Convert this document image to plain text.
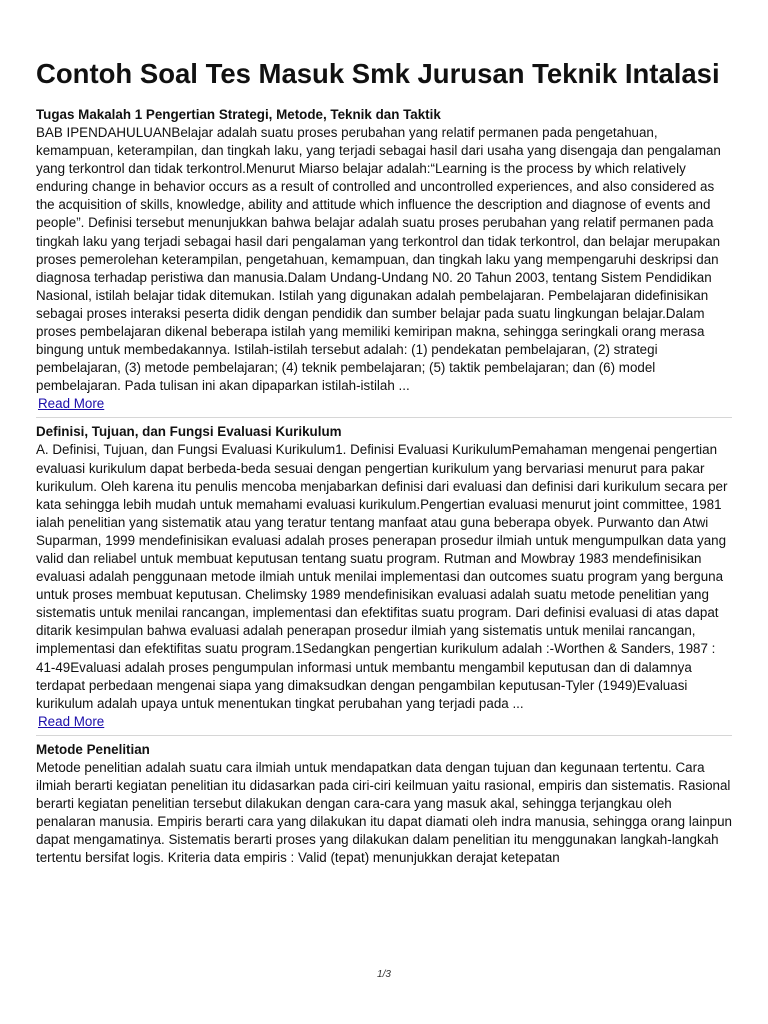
Contoh Soal Tes Masuk Smk Jurusan Teknik Intalasi
Tugas Makalah 1 Pengertian Strategi, Metode, Teknik dan Taktik

BAB IPENDAHULUANBelajar adalah suatu proses perubahan yang relatif permanen pada pengetahuan, kemampuan, keterampilan, dan tingkah laku, yang terjadi sebagai hasil dari usaha yang disengaja dan pengalaman yang terkontrol dan tidak terkontrol.Menurut Miarso belajar adalah:“Learning is the process by which relatively enduring change in behavior occurs as a result of controlled and uncontrolled experiences, and also considered as the acquisition of skills, knowledge, ability and attitude which influence the description and diagnose of events and people”. Definisi tersebut menunjukkan bahwa belajar adalah suatu proses perubahan yang relatif permanen pada tingkah laku yang terjadi sebagai hasil dari pengalaman yang terkontrol dan tidak terkontrol, dan belajar merupakan proses pemerolehan keterampilan, pengetahuan, kemampuan, dan tingkah laku yang mempengaruhi deskripsi dan diagnosa terhadap peristiwa dan manusia.Dalam Undang-Undang N0. 20 Tahun 2003, tentang Sistem Pendidikan Nasional, istilah belajar tidak ditemukan. Istilah yang digunakan adalah pembelajaran. Pembelajaran didefinisikan sebagai proses interaksi peserta didik dengan pendidik dan sumber belajar pada suatu lingkungan belajar.Dalam proses pembelajaran dikenal beberapa istilah yang memiliki kemiripan makna, sehingga seringkali orang merasa bingung untuk membedakannya. Istilah-istilah tersebut adalah: (1) pendekatan pembelajaran, (2) strategi pembelajaran, (3) metode pembelajaran; (4) teknik pembelajaran; (5) taktik pembelajaran; dan (6) model pembelajaran. Pada tulisan ini akan dipaparkan istilah-istilah ...

Read More
Definisi, Tujuan, dan Fungsi Evaluasi Kurikulum

A. Definisi, Tujuan, dan Fungsi Evaluasi Kurikulum1. Definisi Evaluasi KurikulumPemahaman mengenai pengertian evaluasi kurikulum dapat berbeda-beda sesuai dengan pengertian kurikulum yang bervariasi menurut para pakar kurikulum. Oleh karena itu penulis mencoba menjabarkan definisi dari evaluasi dan definisi dari kurikulum secara per kata sehingga lebih mudah untuk memahami evaluasi kurikulum.Pengertian evaluasi menurut joint committee, 1981 ialah penelitian yang sistematik atau yang teratur tentang manfaat atau guna beberapa obyek. Purwanto dan Atwi Suparman, 1999 mendefinisikan evaluasi adalah proses penerapan prosedur ilmiah untuk mengumpulkan data yang valid dan reliabel untuk membuat keputusan tentang suatu program. Rutman and Mowbray 1983 mendefinisikan evaluasi adalah penggunaan metode ilmiah untuk menilai implementasi dan outcomes suatu program yang berguna untuk proses membuat keputusan. Chelimsky 1989 mendefinisikan evaluasi adalah suatu metode penelitian yang sistematis untuk menilai rancangan, implementasi dan efektifitas suatu program. Dari definisi evaluasi di atas dapat ditarik kesimpulan bahwa evaluasi adalah penerapan prosedur ilmiah yang sistematis untuk menilai rancangan, implementasi dan efektifitas suatu program.1Sedangkan pengertian kurikulum adalah :-Worthen & Sanders, 1987 : 41-49Evaluasi adalah proses pengumpulan informasi untuk membantu mengambil keputusan dan di dalamnya terdapat perbedaan mengenai siapa yang dimaksudkan dengan pengambilan keputusan-Tyler (1949)Evaluasi kurikulum adalah upaya untuk menentukan tingkat perubahan yang terjadi pada ...

Read More
Metode Penelitian

Metode penelitian adalah suatu cara ilmiah untuk mendapatkan data dengan tujuan dan kegunaan tertentu. Cara ilmiah berarti kegiatan penelitian itu didasarkan pada ciri-ciri keilmuan yaitu rasional, empiris dan sistematis. Rasional berarti kegiatan penelitian tersebut dilakukan dengan cara-cara yang masuk akal, sehingga terjangkau oleh penalaran manusia. Empiris berarti cara yang dilakukan itu dapat diamati oleh indra manusia, sehingga orang lainpun dapat mengamatinya. Sistematis berarti proses yang dilakukan dalam penelitian itu menggunakan langkah-langkah tertentu bersifat logis. Kriteria data empiris : Valid (tepat) menunjukkan derajat ketepatan

1/3
